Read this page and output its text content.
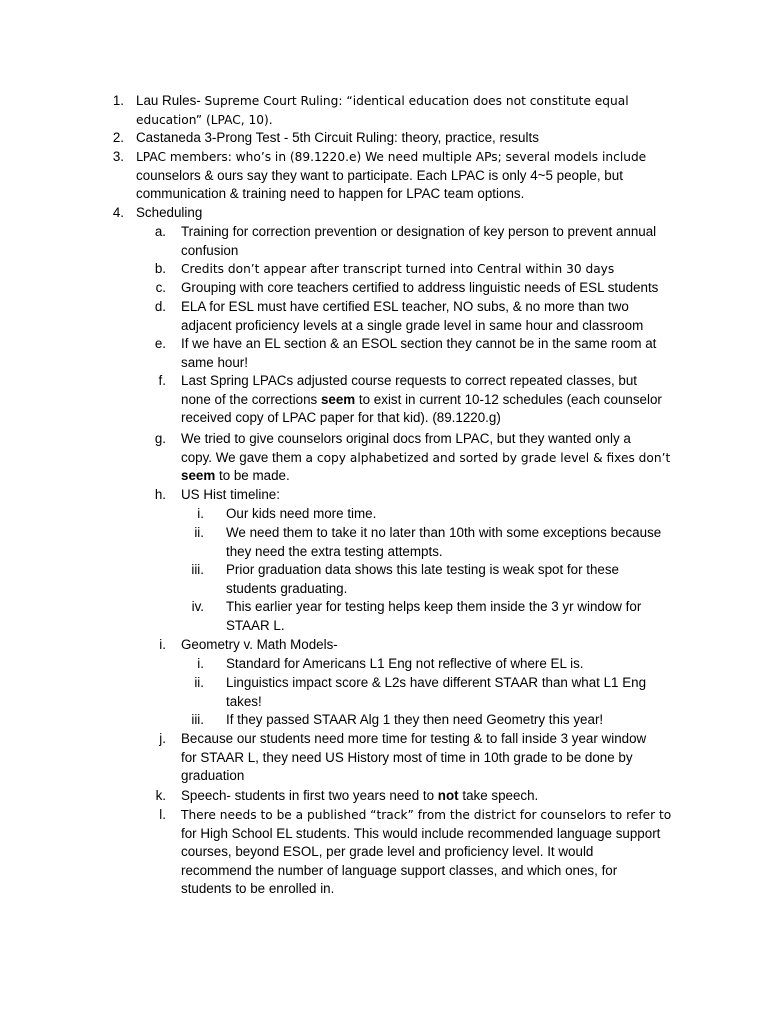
1. Lau Rules- Supreme Court Ruling: “identical education does not constitute equal
education” (LPAC, 10).
2. Castaneda 3-Prong Test - 5th Circuit Ruling: theory, practice, results
3. LPAC members: who’s in (89.1220.e) We need multiple APs; several models include
counselors & ours say they want to participate. Each LPAC is only 4~5 people, but
communication & training need to happen for LPAC team options.
4. Scheduling
a. Training for correction prevention or designation of key person to prevent annual
confusion
b. Credits don’t appear after transcript turned into Central within 30 days
c. Grouping with core teachers certified to address linguistic needs of ESL students
d. ELA for ESL must have certified ESL teacher, NO subs, & no more than two
adjacent proficiency levels at a single grade level in same hour and classroom
e. If we have an EL section & an ESOL section they cannot be in the same room at
same hour!
f. Last Spring LPACs adjusted course requests to correct repeated classes, but
none of the corrections seem to exist in current 10-12 schedules (each counselor
received copy of LPAC paper for that kid). (89.1220.g)
g. We tried to give counselors original docs from LPAC, but they wanted only a
copy. We gave them a copy alphabetized and sorted by grade level & fixes don’t
seem to be made.
h. US Hist timeline:
i. Our kids need more time.
ii. We need them to take it no later than 10th with some exceptions because
they need the extra testing attempts.
iii. Prior graduation data shows this late testing is weak spot for these
students graduating.
iv. This earlier year for testing helps keep them inside the 3 yr window for
STAAR L.
i. Geometry v. Math Models-
i. Standard for Americans L1 Eng not reflective of where EL is.
ii. Linguistics impact score & L2s have different STAAR than what L1 Eng
takes!
iii. If they passed STAAR Alg 1 they then need Geometry this year!
j. Because our students need more time for testing & to fall inside 3 year window
for STAAR L, they need US History most of time in 10th grade to be done by
graduation
k. Speech- students in first two years need to not take speech.
l. There needs to be a published “track” from the district for counselors to refer to
for High School EL students. This would include recommended language support
courses, beyond ESOL, per grade level and proficiency level. It would
recommend the number of language support classes, and which ones, for
students to be enrolled in.
